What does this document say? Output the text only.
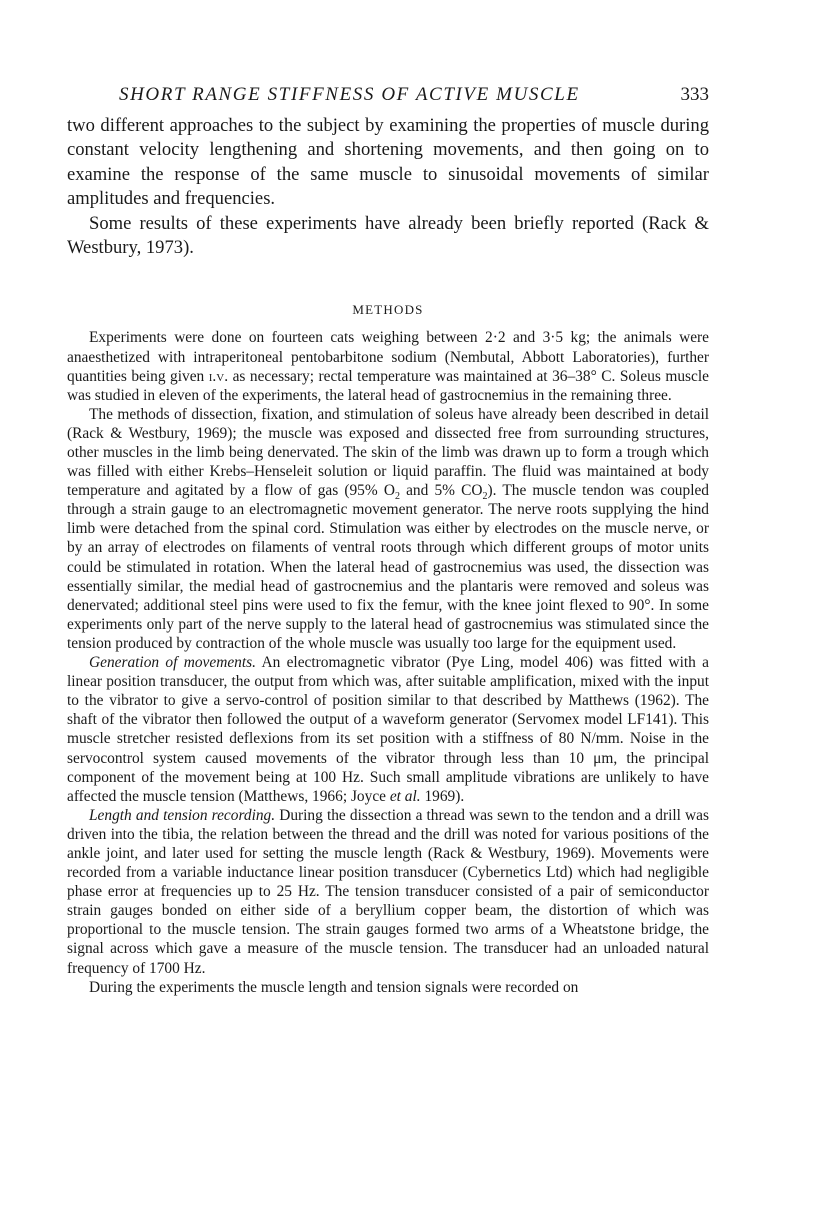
SHORT RANGE STIFFNESS OF ACTIVE MUSCLE	333

two different approaches to the subject by examining the properties of muscle during constant velocity lengthening and shortening movements, and then going on to examine the response of the same muscle to sinusoidal movements of similar amplitudes and frequencies.

Some results of these experiments have already been briefly reported (Rack & Westbury, 1973).

METHODS

Experiments were done on fourteen cats weighing between 2·2 and 3·5 kg; the animals were anaesthetized with intraperitoneal pentobarbitone sodium (Nembutal, Abbott Laboratories), further quantities being given i.v. as necessary; rectal temperature was maintained at 36–38° C. Soleus muscle was studied in eleven of the experiments, the lateral head of gastrocnemius in the remaining three.

The methods of dissection, fixation, and stimulation of soleus have already been described in detail (Rack & Westbury, 1969); the muscle was exposed and dissected free from surrounding structures, other muscles in the limb being denervated. The skin of the limb was drawn up to form a trough which was filled with either Krebs–Henseleit solution or liquid paraffin. The fluid was maintained at body temperature and agitated by a flow of gas (95% $O_2$ and 5% $CO_2$). The muscle tendon was coupled through a strain gauge to an electromagnetic movement generator. The nerve roots supplying the hind limb were detached from the spinal cord. Stimulation was either by electrodes on the muscle nerve, or by an array of electrodes on filaments of ventral roots through which different groups of motor units could be stimulated in rotation. When the lateral head of gastrocnemius was used, the dissection was essentially similar, the medial head of gastrocnemius and the plantaris were removed and soleus was denervated; additional steel pins were used to fix the femur, with the knee joint flexed to 90°. In some experiments only part of the nerve supply to the lateral head of gastrocnemius was stimulated since the tension produced by contraction of the whole muscle was usually too large for the equipment used.

Generation of movements. An electromagnetic vibrator (Pye Ling, model 406) was fitted with a linear position transducer, the output from which was, after suitable amplification, mixed with the input to the vibrator to give a servo-control of position similar to that described by Matthews (1962). The shaft of the vibrator then followed the output of a waveform generator (Servomex model LF141). This muscle stretcher resisted deflexions from its set position with a stiffness of 80 N/mm. Noise in the servocontrol system caused movements of the vibrator through less than 10 μm, the principal component of the movement being at 100 Hz. Such small amplitude vibrations are unlikely to have affected the muscle tension (Matthews, 1966; Joyce et al. 1969).

Length and tension recording. During the dissection a thread was sewn to the tendon and a drill was driven into the tibia, the relation between the thread and the drill was noted for various positions of the ankle joint, and later used for setting the muscle length (Rack & Westbury, 1969). Movements were recorded from a variable inductance linear position transducer (Cybernetics Ltd) which had negligible phase error at frequencies up to 25 Hz. The tension transducer consisted of a pair of semiconductor strain gauges bonded on either side of a beryllium copper beam, the distortion of which was proportional to the muscle tension. The strain gauges formed two arms of a Wheatstone bridge, the signal across which gave a measure of the muscle tension. The transducer had an unloaded natural frequency of 1700 Hz.

During the experiments the muscle length and tension signals were recorded on
